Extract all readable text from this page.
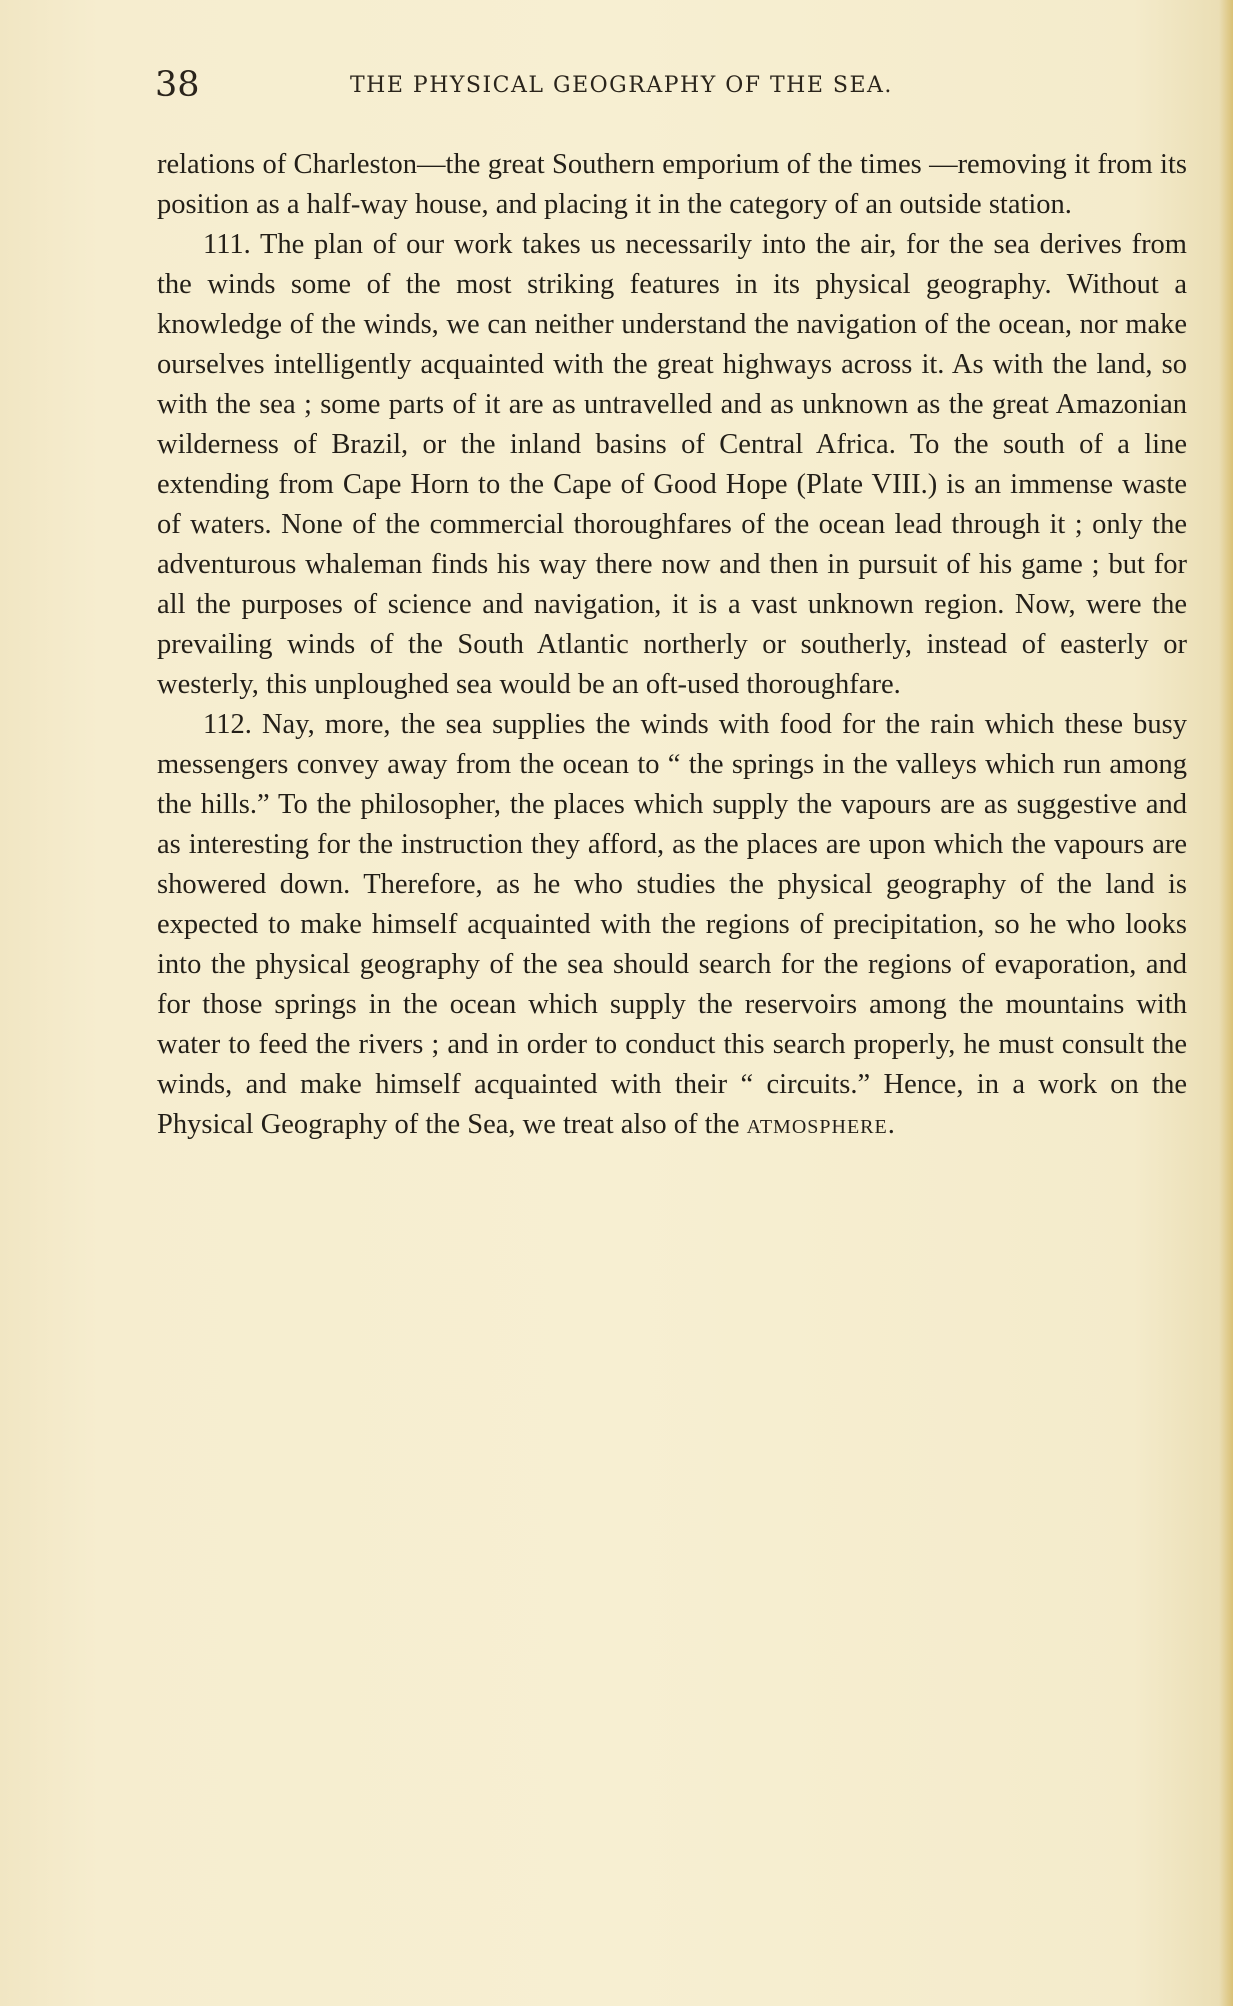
38	THE PHYSICAL GEOGRAPHY OF THE SEA.

relations of Charleston—the great Southern emporium of the times —removing it from its position as a half-way house, and placing it in the category of an outside station.

111. The plan of our work takes us necessarily into the air, for the sea derives from the winds some of the most striking features in its physical geography. Without a knowledge of the winds, we can neither understand the navigation of the ocean, nor make ourselves intelligently acquainted with the great highways across it. As with the land, so with the sea ; some parts of it are as untravelled and as unknown as the great Amazonian wilderness of Brazil, or the inland basins of Central Africa. To the south of a line extending from Cape Horn to the Cape of Good Hope (Plate VIII.) is an immense waste of waters. None of the commercial thoroughfares of the ocean lead through it ; only the adventurous whaleman finds his way there now and then in pursuit of his game ; but for all the purposes of science and navigation, it is a vast unknown region. Now, were the prevailing winds of the South Atlantic northerly or southerly, instead of easterly or westerly, this unploughed sea would be an oft-used thoroughfare.

112. Nay, more, the sea supplies the winds with food for the rain which these busy messengers convey away from the ocean to “ the springs in the valleys which run among the hills.” To the philosopher, the places which supply the vapours are as suggestive and as interesting for the instruction they afford, as the places are upon which the vapours are showered down. Therefore, as he who studies the physical geography of the land is expected to make himself acquainted with the regions of precipitation, so he who looks into the physical geography of the sea should search for the regions of evaporation, and for those springs in the ocean which supply the reservoirs among the mountains with water to feed the rivers ; and in order to conduct this search properly, he must consult the winds, and make himself acquainted with their “ circuits.” Hence, in a work on the Physical Geography of the Sea, we treat also of the atmosphere.
